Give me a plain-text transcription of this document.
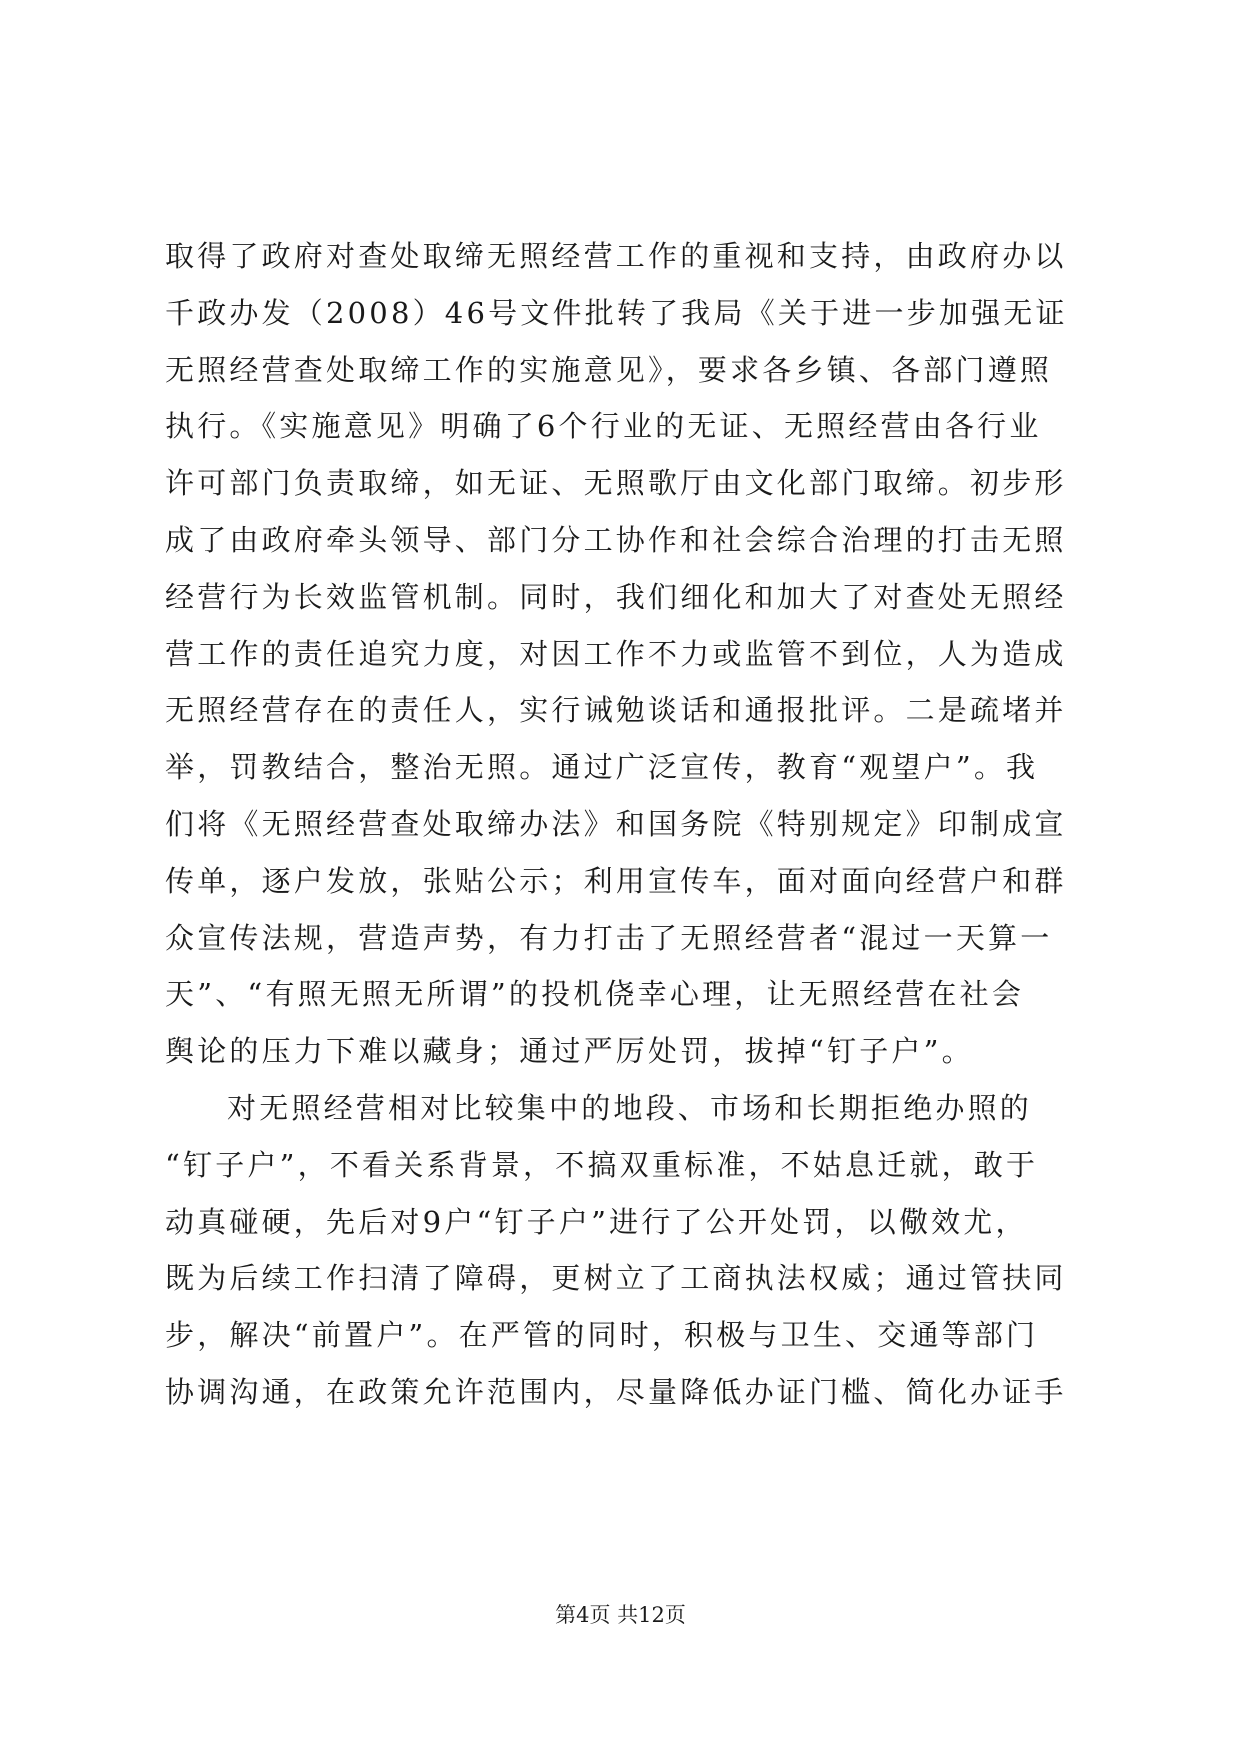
取得了政府对查处取缔无照经营工作的重视和支持，由政府办以
千政办发（2008）46号文件批转了我局《关于进一步加强无证
无照经营查处取缔工作的实施意见》，要求各乡镇、各部门遵照
执行。《实施意见》明确了6个行业的无证、无照经营由各行业
许可部门负责取缔，如无证、无照歌厅由文化部门取缔。初步形
成了由政府牵头领导、部门分工协作和社会综合治理的打击无照
经营行为长效监管机制。同时，我们细化和加大了对查处无照经
营工作的责任追究力度，对因工作不力或监管不到位，人为造成
无照经营存在的责任人，实行诫勉谈话和通报批评。二是疏堵并
举，罚教结合，整治无照。通过广泛宣传，教育“观望户”。我
们将《无照经营查处取缔办法》和国务院《特别规定》印制成宣
传单，逐户发放，张贴公示；利用宣传车，面对面向经营户和群
众宣传法规，营造声势，有力打击了无照经营者“混过一天算一
天”、“有照无照无所谓”的投机侥幸心理，让无照经营在社会
舆论的压力下难以藏身；通过严厉处罚，拔掉“钉子户”。
对无照经营相对比较集中的地段、市场和长期拒绝办照的
“钉子户”，不看关系背景，不搞双重标准，不姑息迁就，敢于
动真碰硬，先后对9户“钉子户”进行了公开处罚，以儆效尤，
既为后续工作扫清了障碍，更树立了工商执法权威；通过管扶同
步，解决“前置户”。在严管的同时，积极与卫生、交通等部门
协调沟通，在政策允许范围内，尽量降低办证门槛、简化办证手
第4页 共12页
